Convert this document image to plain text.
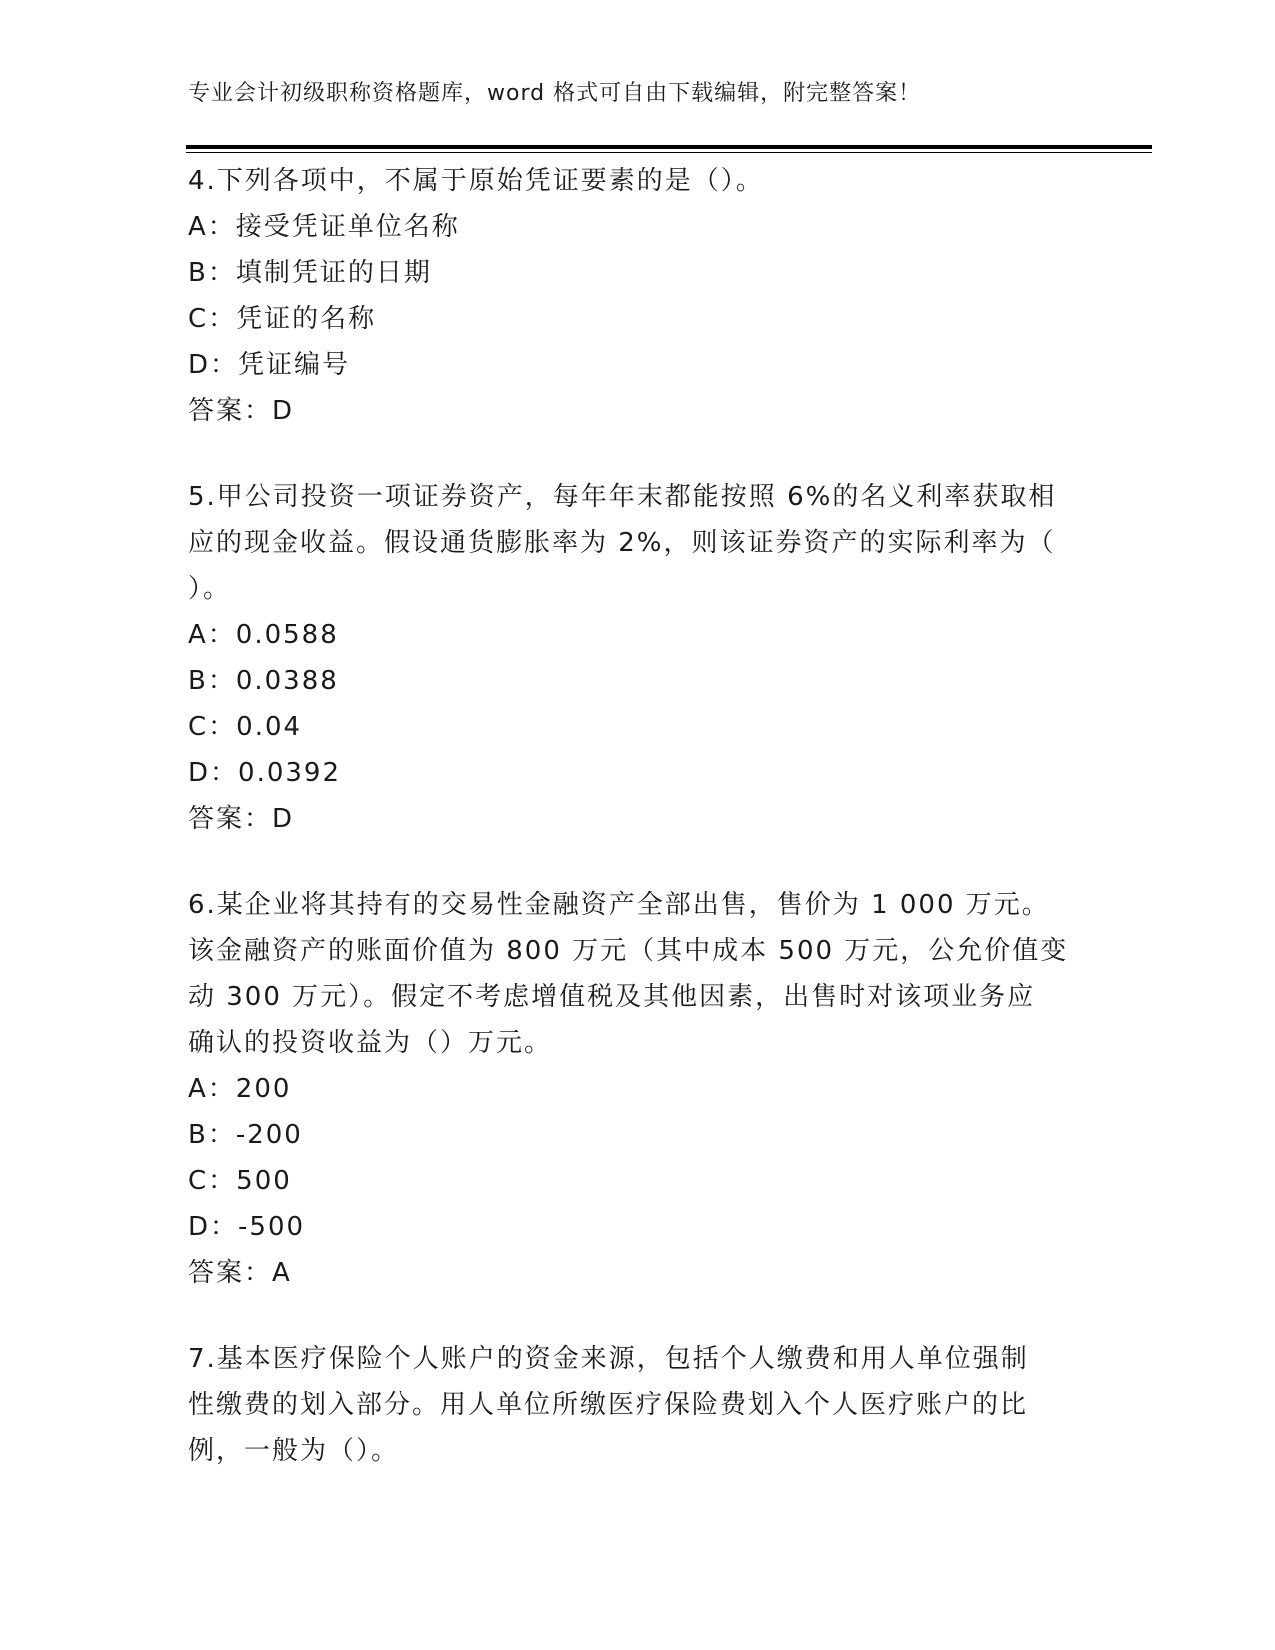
专业会计初级职称资格题库，word 格式可自由下载编辑，附完整答案！
4.下列各项中，不属于原始凭证要素的是（）。
A：接受凭证单位名称
B：填制凭证的日期
C：凭证的名称
D：凭证编号
答案：D
5.甲公司投资一项证券资产，每年年末都能按照 6%的名义利率获取相
应的现金收益。假设通货膨胀率为 2%，则该证券资产的实际利率为（
）。
A：0.0588
B：0.0388
C：0.04
D：0.0392
答案：D
6.某企业将其持有的交易性金融资产全部出售，售价为 1 000 万元。
该金融资产的账面价值为 800 万元（其中成本 500 万元，公允价值变
动 300 万元）。假定不考虑增值税及其他因素，出售时对该项业务应
确认的投资收益为（）万元。
A：200
B：-200
C：500
D：-500
答案：A
7.基本医疗保险个人账户的资金来源，包括个人缴费和用人单位强制
性缴费的划入部分。用人单位所缴医疗保险费划入个人医疗账户的比
例，一般为（）。
